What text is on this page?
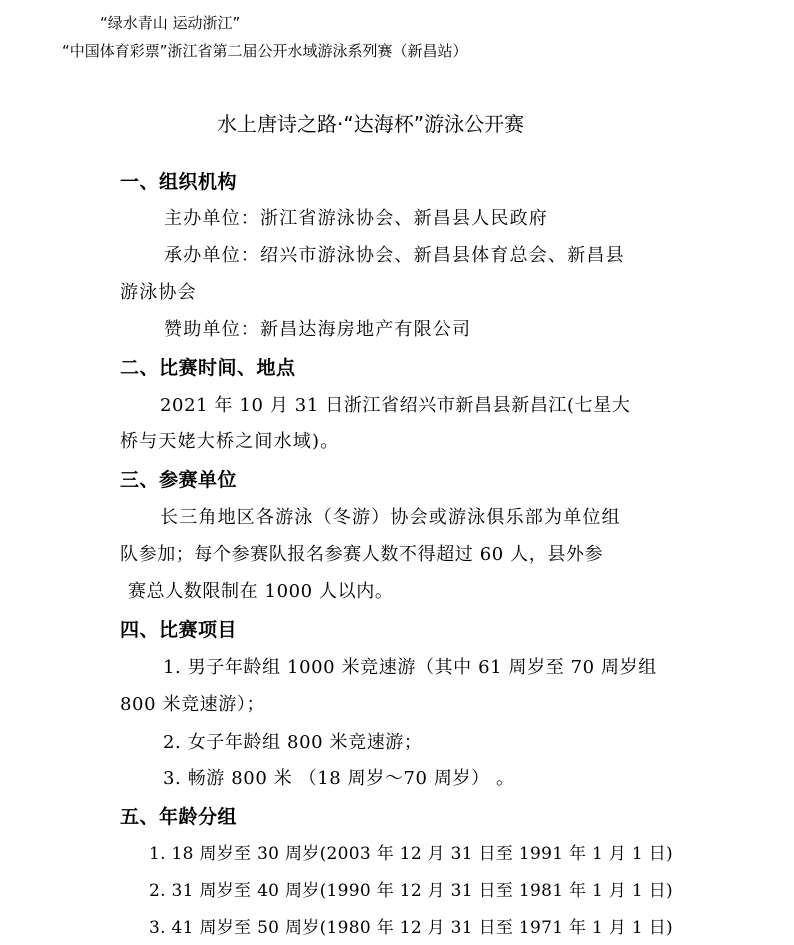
“绿水青山 运动浙江”
“中国体育彩票”浙江省第二届公开水域游泳系列赛（新昌站）
水上唐诗之路·“达海杯”游泳公开赛
一、组织机构
主办单位：浙江省游泳协会、新昌县人民政府
承办单位：绍兴市游泳协会、新昌县体育总会、新昌县
游泳协会
赞助单位：新昌达海房地产有限公司
二、比赛时间、地点
2021 年 10 月 31 日浙江省绍兴市新昌县新昌江(七星大
桥与天姥大桥之间水域)。
三、参赛单位
长三角地区各游泳（冬游）协会或游泳俱乐部为单位组
队参加；每个参赛队报名参赛人数不得超过 60 人，县外参
赛总人数限制在 1000 人以内。
四、比赛项目
1. 男子年龄组 1000 米竞速游（其中 61 周岁至 70 周岁组
800 米竞速游）；
2. 女子年龄组 800 米竞速游；
3. 畅游 800 米 （18 周岁～70 周岁） 。
五、年龄分组
1. 18 周岁至 30 周岁(2003 年 12 月 31 日至 1991 年 1 月 1 日)
2. 31 周岁至 40 周岁(1990 年 12 月 31 日至 1981 年 1 月 1 日)
3. 41 周岁至 50 周岁(1980 年 12 月 31 日至 1971 年 1 月 1 日)
